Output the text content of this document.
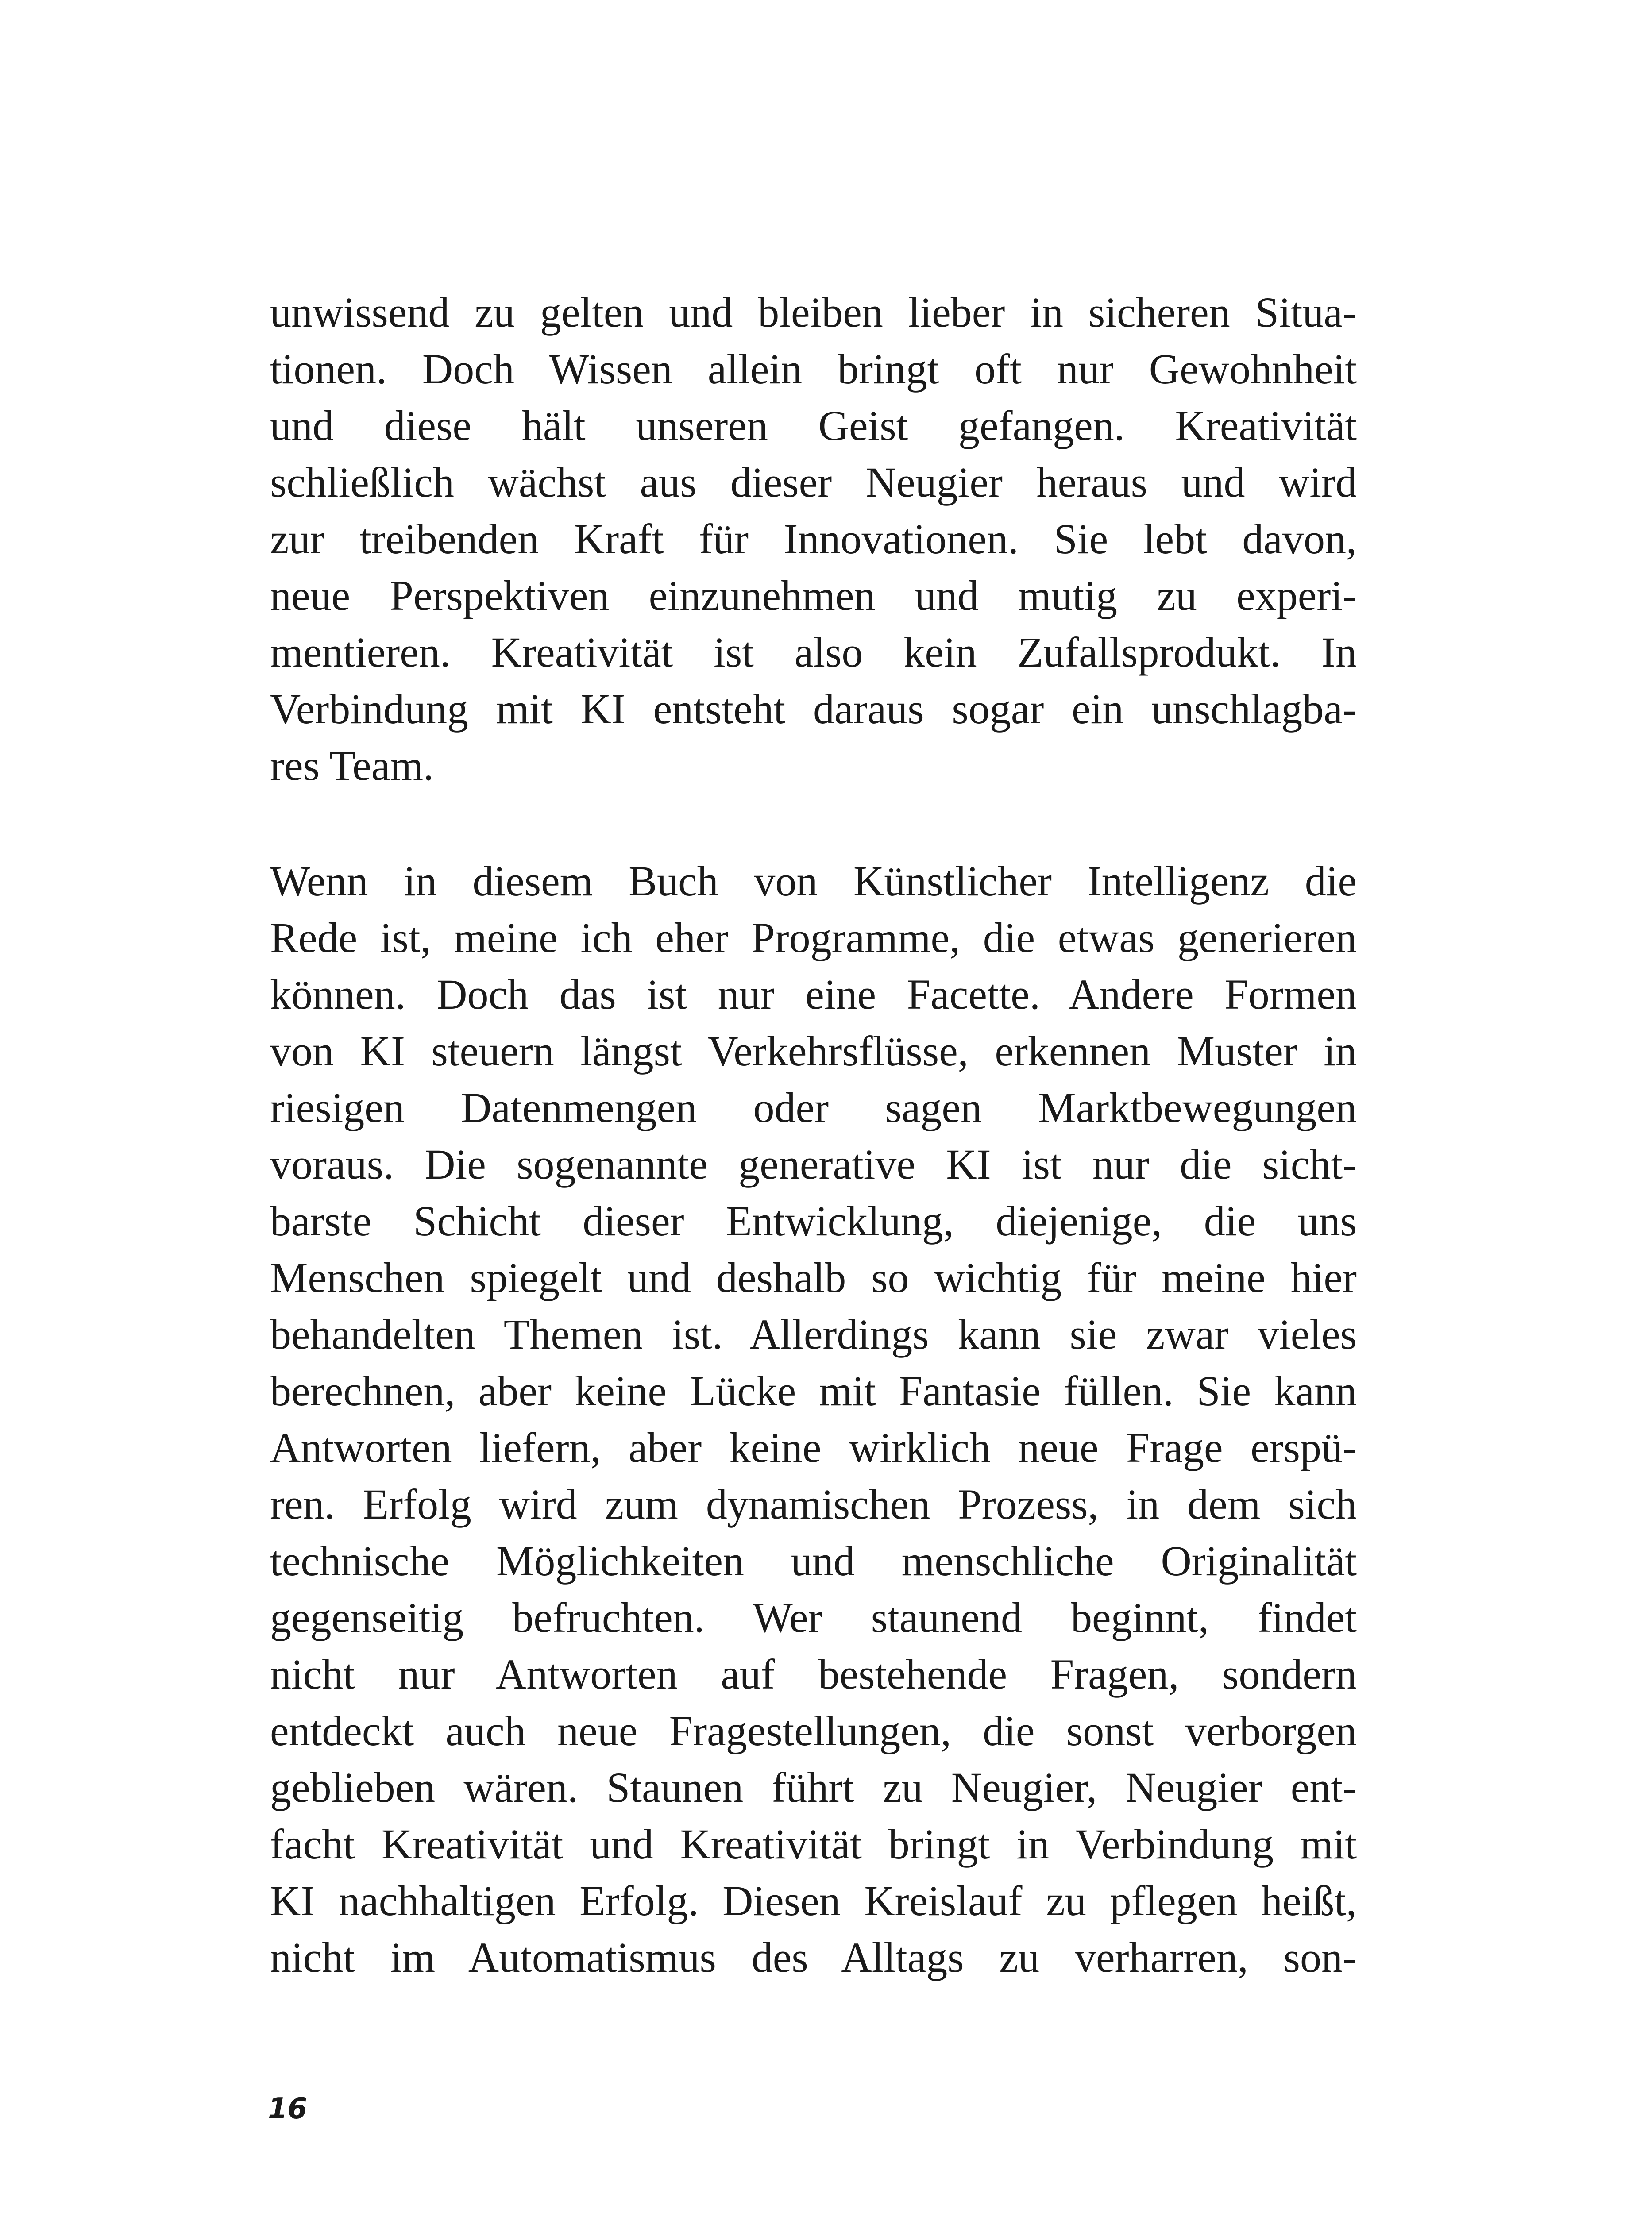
unwissend zu gelten und bleiben lieber in sicheren Situa-
tionen. Doch Wissen allein bringt oft nur Gewohnheit
und diese hält unseren Geist gefangen. Kreativität
schließlich wächst aus dieser Neugier heraus und wird
zur treibenden Kraft für Innovationen. Sie lebt davon,
neue Perspektiven einzunehmen und mutig zu experi-
mentieren. Kreativität ist also kein Zufallsprodukt. In
Verbindung mit KI entsteht daraus sogar ein unschlagba-
res Team.
Wenn in diesem Buch von Künstlicher Intelligenz die
Rede ist, meine ich eher Programme, die etwas generieren
können. Doch das ist nur eine Facette. Andere Formen
von KI steuern längst Verkehrsflüsse, erkennen Muster in
riesigen Datenmengen oder sagen Marktbewegungen
voraus. Die sogenannte generative KI ist nur die sicht-
barste Schicht dieser Entwicklung, diejenige, die uns
Menschen spiegelt und deshalb so wichtig für meine hier
behandelten Themen ist. Allerdings kann sie zwar vieles
berechnen, aber keine Lücke mit Fantasie füllen. Sie kann
Antworten liefern, aber keine wirklich neue Frage erspü-
ren. Erfolg wird zum dynamischen Prozess, in dem sich
technische Möglichkeiten und menschliche Originalität
gegenseitig befruchten. Wer staunend beginnt, findet
nicht nur Antworten auf bestehende Fragen, sondern
entdeckt auch neue Fragestellungen, die sonst verborgen
geblieben wären. Staunen führt zu Neugier, Neugier ent-
facht Kreativität und Kreativität bringt in Verbindung mit
KI nachhaltigen Erfolg. Diesen Kreislauf zu pflegen heißt,
nicht im Automatismus des Alltags zu verharren, son-
16
